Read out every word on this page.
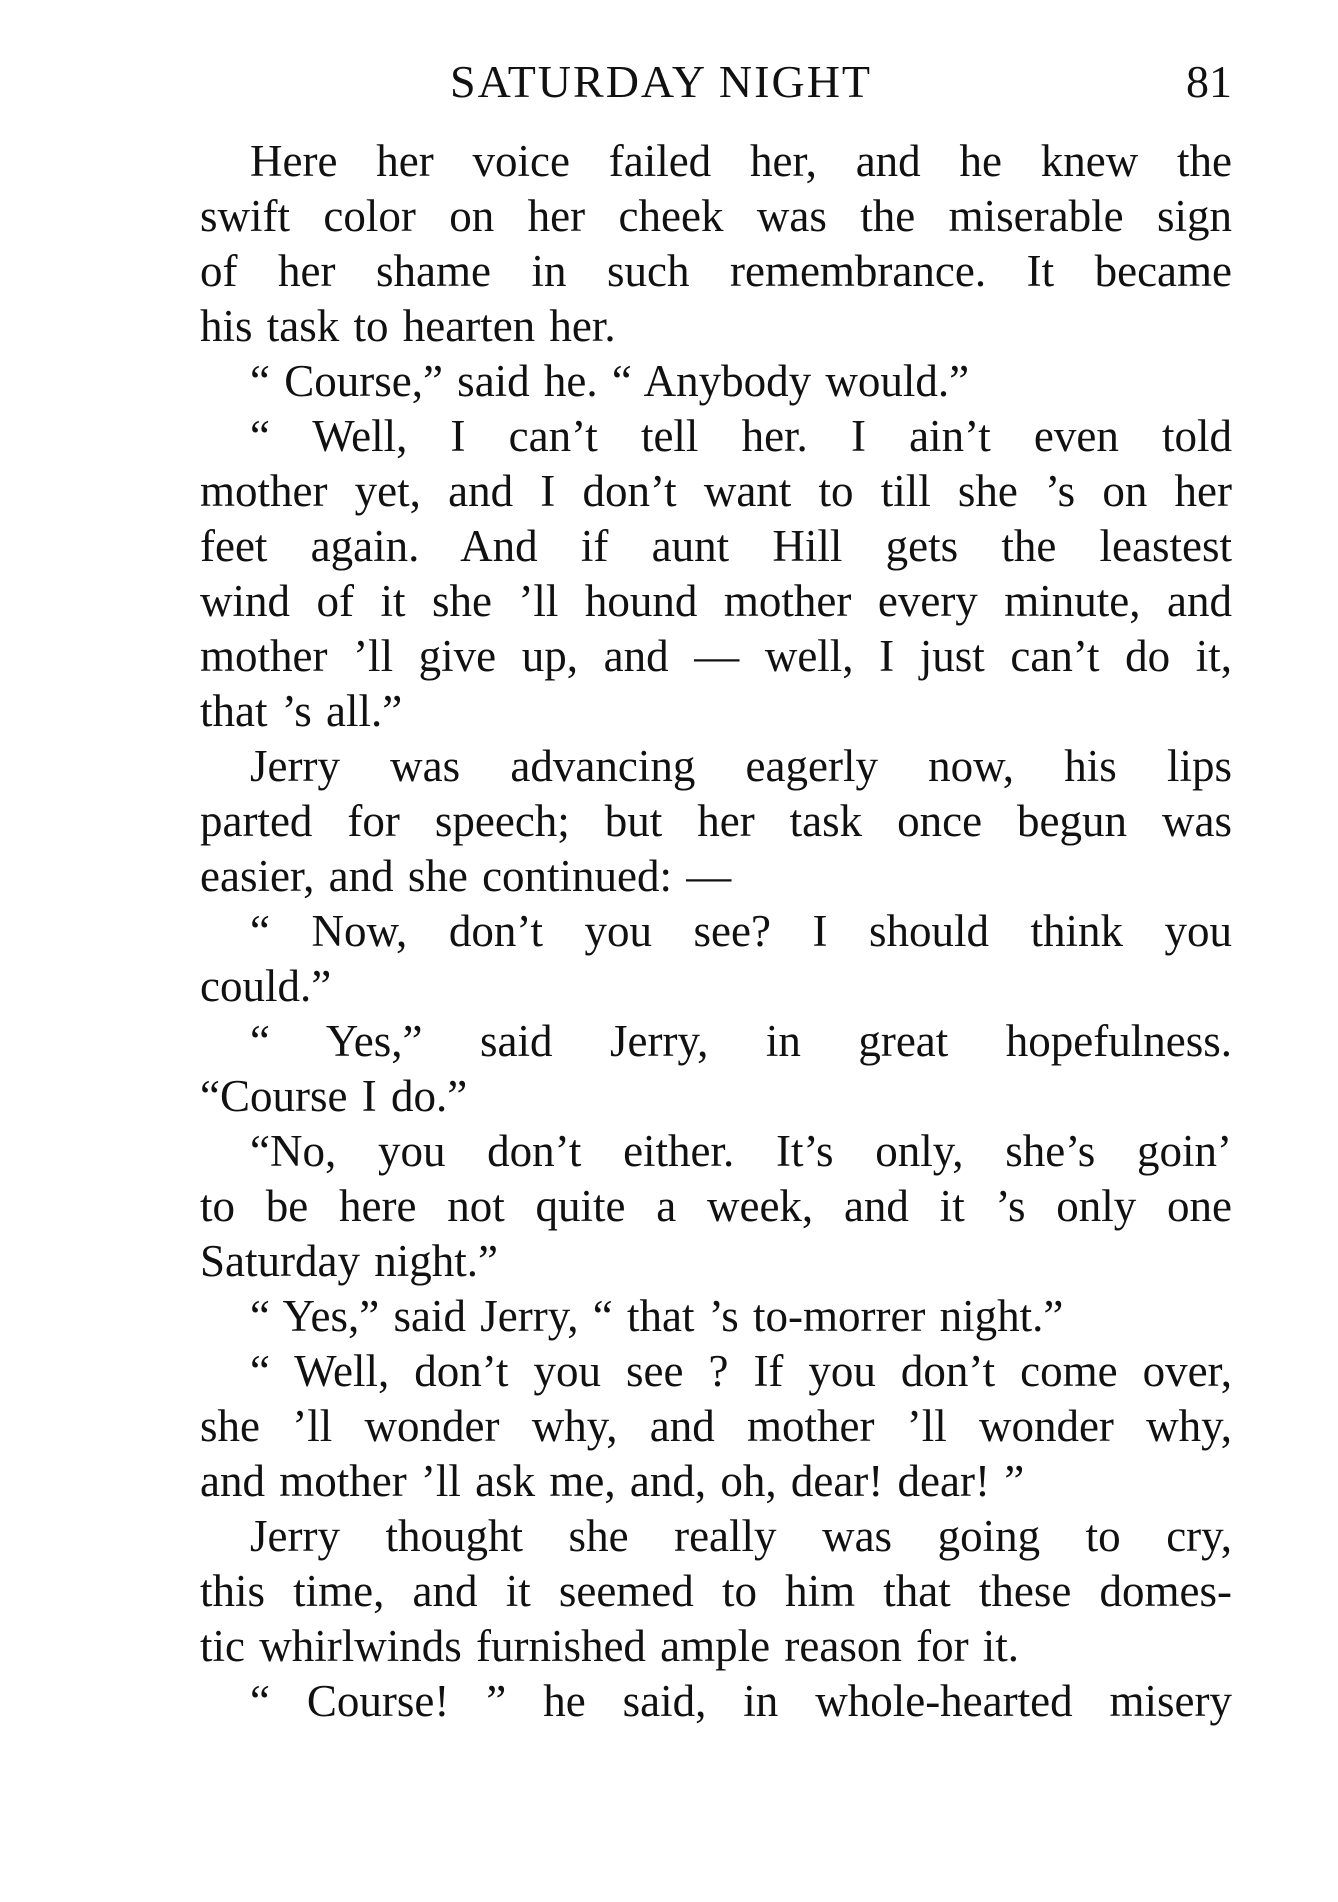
SATURDAY NIGHT	81
Here her voice failed her, and he knew the
swift color on her cheek was the miserable sign
of her shame in such remembrance. It became
his task to hearten her.
“ Course,” said he. “ Anybody would.”
“ Well, I can’t tell her. I ain’t even told
mother yet, and I don’t want to till she ’s on her
feet again. And if aunt Hill gets the leastest
wind of it she ’ll hound mother every minute, and
mother ’ll give up, and — well, I just can’t do it,
that ’s all.”
Jerry was advancing eagerly now, his lips
parted for speech; but her task once begun was
easier, and she continued: —
“ Now, don’t you see? I should think you
could.”
“ Yes,” said Jerry, in great hopefulness.
“Course I do.”
“No, you don’t either. It’s only, she’s goin’
to be here not quite a week, and it ’s only one
Saturday night.”
“ Yes,” said Jerry, “ that ’s to-morrer night.”
“ Well, don’t you see ? If you don’t come over,
she ’ll wonder why, and mother ’ll wonder why,
and mother ’ll ask me, and, oh, dear! dear! ”
Jerry thought she really was going to cry,
this time, and it seemed to him that these domes-
tic whirlwinds furnished ample reason for it.
“ Course! ” he said, in whole-hearted misery
